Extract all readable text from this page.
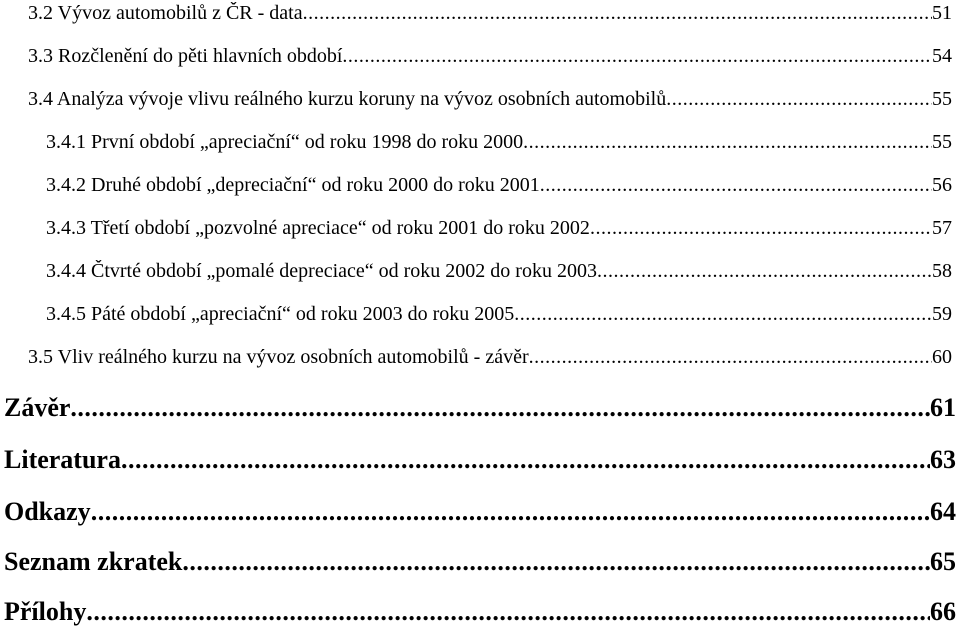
3.2 Vývoz automobilů z ČR - data .....	51
3.3 Rozčlenění do pěti hlavních období .....	54
3.4 Analýza vývoje vlivu reálného kurzu koruny na vývoz osobních automobilů .....	55
3.4.1 První období „apreciační“ od roku 1998 do roku 2000 .....	55
3.4.2 Druhé období „depreciační“ od roku 2000 do roku 2001 .....	56
3.4.3 Třetí období „pozvolné apreciace“ od roku 2001 do roku 2002 .....	57
3.4.4 Čtvrté období „pomalé depreciace“ od roku 2002 do roku 2003 .....	58
3.4.5 Páté období „apreciační“ od roku 2003 do roku 2005 .....	59
3.5 Vliv reálného kurzu na vývoz osobních automobilů - závěr .....	60
Závěr .....	61
Literatura .....	63
Odkazy .....	64
Seznam zkratek .....	65
Přílohy .....	66
